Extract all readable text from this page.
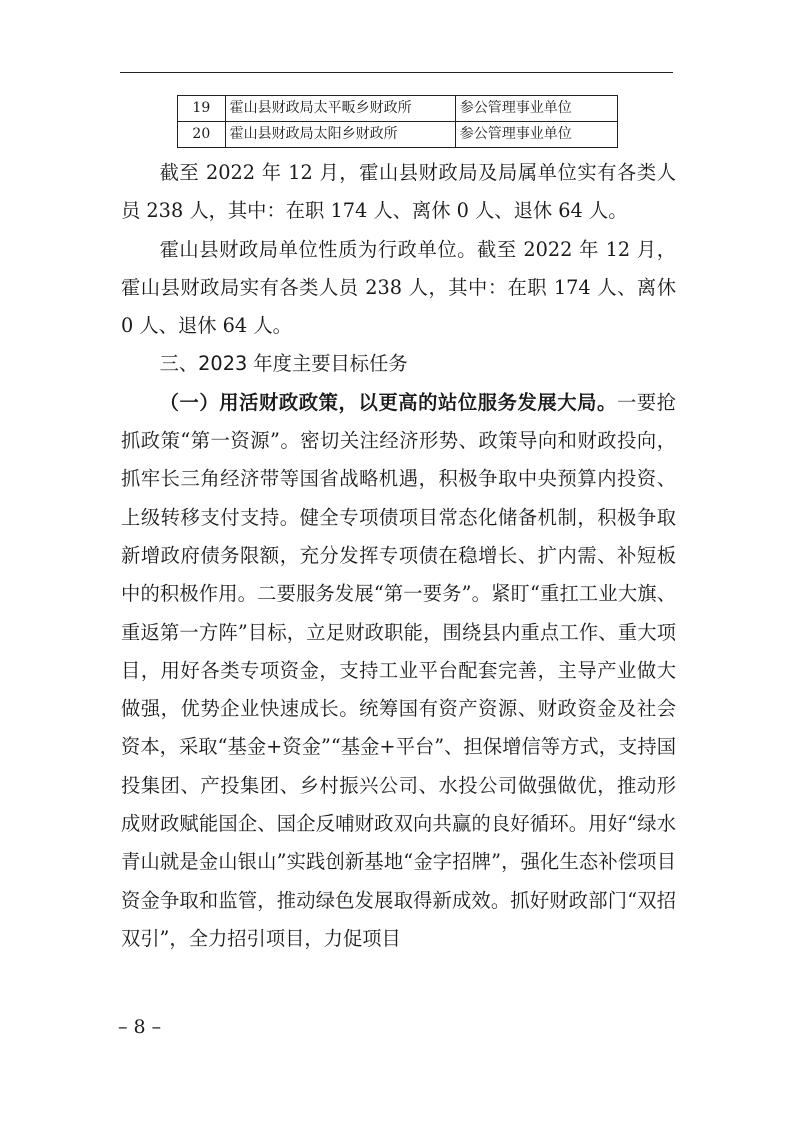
19	霍山县财政局太平畈乡财政所	参公管理事业单位
20	霍山县财政局太阳乡财政所	参公管理事业单位

截至 2022 年 12 月，霍山县财政局及局属单位实有各类人员 238 人，其中：在职 174 人、离休 0 人、退休 64 人。

霍山县财政局单位性质为行政单位。截至 2022 年 12 月，霍山县财政局实有各类人员 238 人，其中：在职 174 人、离休 0 人、退休 64 人。

三、2023 年度主要目标任务

（一）用活财政政策，以更高的站位服务发展大局。一要抢抓政策“第一资源”。密切关注经济形势、政策导向和财政投向，抓牢长三角经济带等国省战略机遇，积极争取中央预算内投资、上级转移支付支持。健全专项债项目常态化储备机制，积极争取新增政府债务限额，充分发挥专项债在稳增长、扩内需、补短板中的积极作用。二要服务发展“第一要务”。紧盯“重扛工业大旗、重返第一方阵”目标，立足财政职能，围绕县内重点工作、重大项目，用好各类专项资金，支持工业平台配套完善，主导产业做大做强，优势企业快速成长。统筹国有资产资源、财政资金及社会资本，采取“基金+资金”“基金+平台”、担保增信等方式，支持国投集团、产投集团、乡村振兴公司、水投公司做强做优，推动形成财政赋能国企、国企反哺财政双向共赢的良好循环。用好“绿水青山就是金山银山”实践创新基地“金字招牌”，强化生态补偿项目资金争取和监管，推动绿色发展取得新成效。抓好财政部门“双招双引”，全力招引项目，力促项目

– 8 –
